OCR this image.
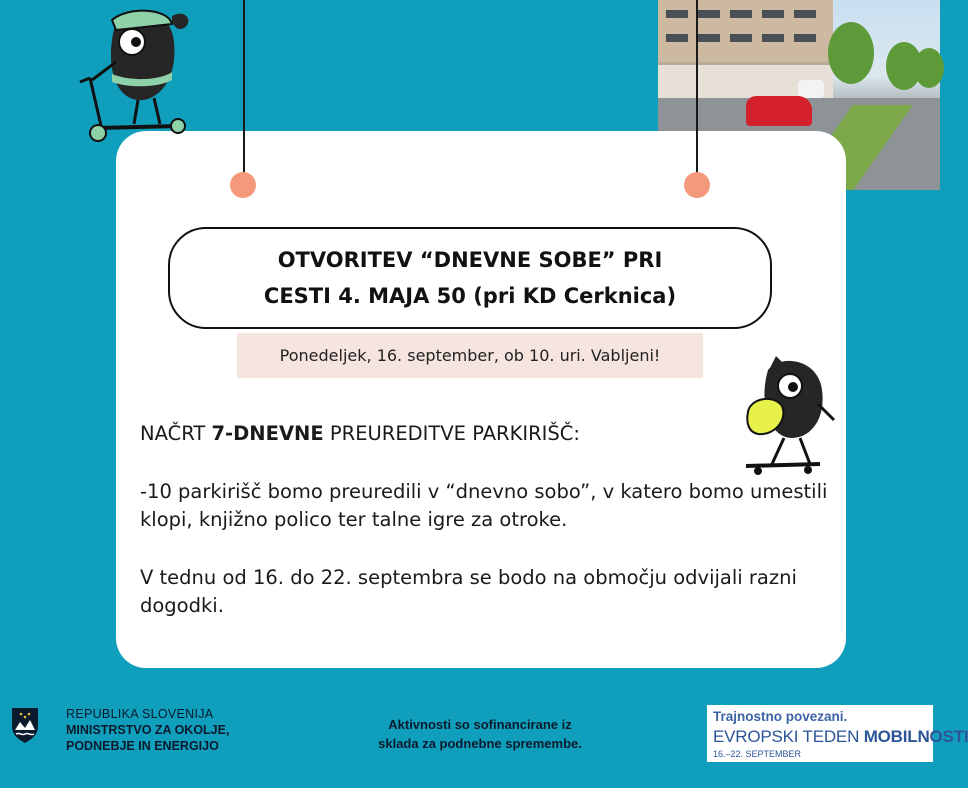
OTVORITEV “DNEVNE SOBE” PRI
CESTI 4. MAJA 50 (pri KD Cerknica)
Ponedeljek, 16. september, ob 10. uri. Vabljeni!
NAČRT 7-DNEVNE PREUREDITVE PARKIRIŠČ:
-10 parkirišč bomo preuredili v “dnevno sobo”, v katero bomo umestili klopi, knjižno polico ter talne igre za otroke.
V tednu od 16. do 22. septembra se bodo na območju odvijali razni dogodki.
REPUBLIKA SLOVENIJA
MINISTRSTVO ZA OKOLJE,
PODNEBJE IN ENERGIJO
Aktivnosti so sofinancirane iz
sklada za podnebne spremembe.
Trajnostno povezani.
EVROPSKI TEDEN MOBILNOSTI
16.–22. SEPTEMBER
